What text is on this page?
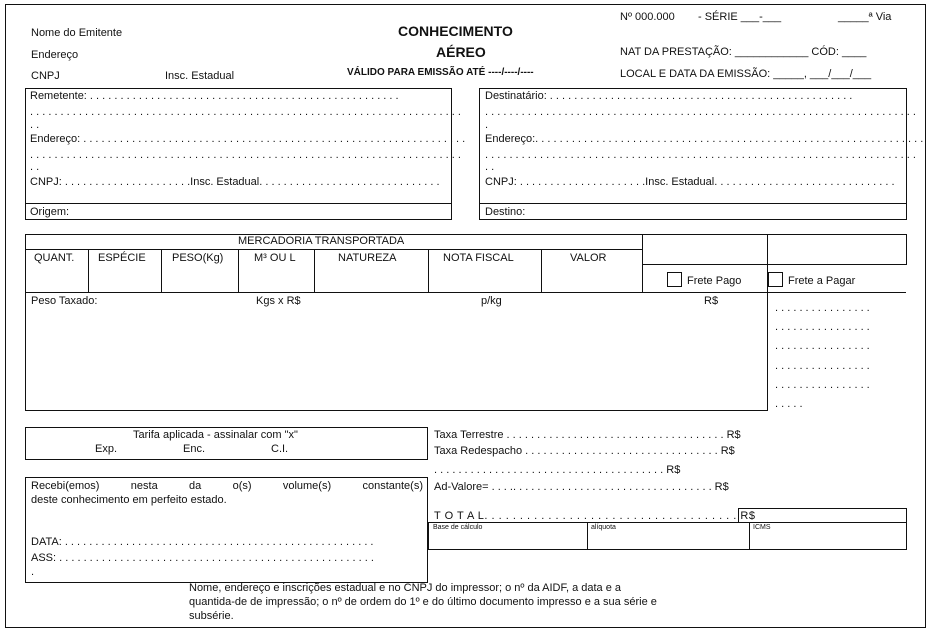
Nome do Emitente
Endereço
CNPJ	Insc. Estadual
CONHECIMENTO
AÉREO
VÁLIDO PARA EMISSÃO ATÉ ----/----/----
Nº 000.000 - SÉRIE ___-___	_____ª Via
NAT DA PRESTAÇÃO: ____________ CÓD: ____
LOCAL E DATA DA EMISSÃO: _____, ___/___/___
Remetente: . . . . . . . . . . . . . . . . . . . . . . . . . . . . . . . . . . . . . . . . . . . . . . . . . . .
. . . . . . . . . . . . . . . . . . . . . . . . . . . . . . . . . . . . . . . . . . . . . . . . . . . . . . . . . . . . . . . . . . . . . . .
. .
Endereço: . . . . . . . . . . . . . . . . . . . . . . . . . . . . . . . . . . . . . . . . . . . . . . . . . . . . . . . . . . . . . . .
. . . . . . . . . . . . . . . . . . . . . . . . . . . . . . . . . . . . . . . . . . . . . . . . . . . . . . . . . . . . . . . . . . . . . . .
. .
CNPJ: . . . . . . . . . . . . . . . . . . . . .Insc. Estadual. . . . . . . . . . . . . . . . . . . . . . . . . . . . . .
Origem:
Destinatário: . . . . . . . . . . . . . . . . . . . . . . . . . . . . . . . . . . . . . . . . . . . . . . . . . .
. . . . . . . . . . . . . . . . . . . . . . . . . . . . . . . . . . . . . . . . . . . . . . . . . . . . . . . . . . . . . . . . . . . . . . .
.
Endereço:. . . . . . . . . . . . . . . . . . . . . . . . . . . . . . . . . . . . . . . . . . . . . . . . . . . . . . . . . . . . . . . .
. . . . . . . . . . . . . . . . . . . . . . . . . . . . . . . . . . . . . . . . . . . . . . . . . . . . . . . . . . . . . . . . . . . . . . .
. .
CNPJ: . . . . . . . . . . . . . . . . . . . . .Insc. Estadual. . . . . . . . . . . . . . . . . . . . . . . . . . . . . .
Destino:
MERCADORIA TRANSPORTADA
QUANT. ESPÉCIE PESO(Kg)	M³ OU L	NATUREZA	NOTA FISCAL	VALOR
Peso Taxado:	Kgs x R$	p/kg	R$
Frete Pago	Frete a Pagar
. . . . . . . . . . . . . . . .
. . . . . . . . . . . . . . . .
. . . . . . . . . . . . . . . .
. . . . . . . . . . . . . . . .
. . . . . . . . . . . . . . . .
. . . . .
Tarifa aplicada - assinalar com "x"
Exp.	Enc.	C.I.
Recebi(emos)	nesta	da	o(s)	volume(s)	constante(s)
deste conhecimento em perfeito estado.
DATA: . . . . . . . . . . . . . . . . . . . . . . . . . . . . . . . . . . . . . . . . . . . . . . . . . . .
ASS: . . . . . . . . . . . . . . . . . . . . . . . . . . . . . . . . . . . . . . . . . . . . . . . . . . . .
.
Taxa Terrestre . . . . . . . . . . . . . . . . . . . . . . . . . . . . . . . . . . . . R$
Taxa Redespacho . . . . . . . . . . . . . . . . . . . . . . . . . . . . . . . . R$
. . . . . . . . . . . . . . . . . . . . . . . . . . . . . . . . . . . . . . R$
Ad-Valore= . . . .. . . . . . . . . . . . . . . . . . . . . . . . . . . . . . . . . R$
T O T A L. . . . . . . . . . . . . . . . . . . . . . . . . . . . . . . . . . . . R$
Base de cálculo	alíquota	ICMS
Nome, endereço e inscrições estadual e no CNPJ do impressor; o nº da AIDF, a data e a
quantida-de de impressão; o nº de ordem do 1º e do último documento impresso e a sua série e
subsérie.
